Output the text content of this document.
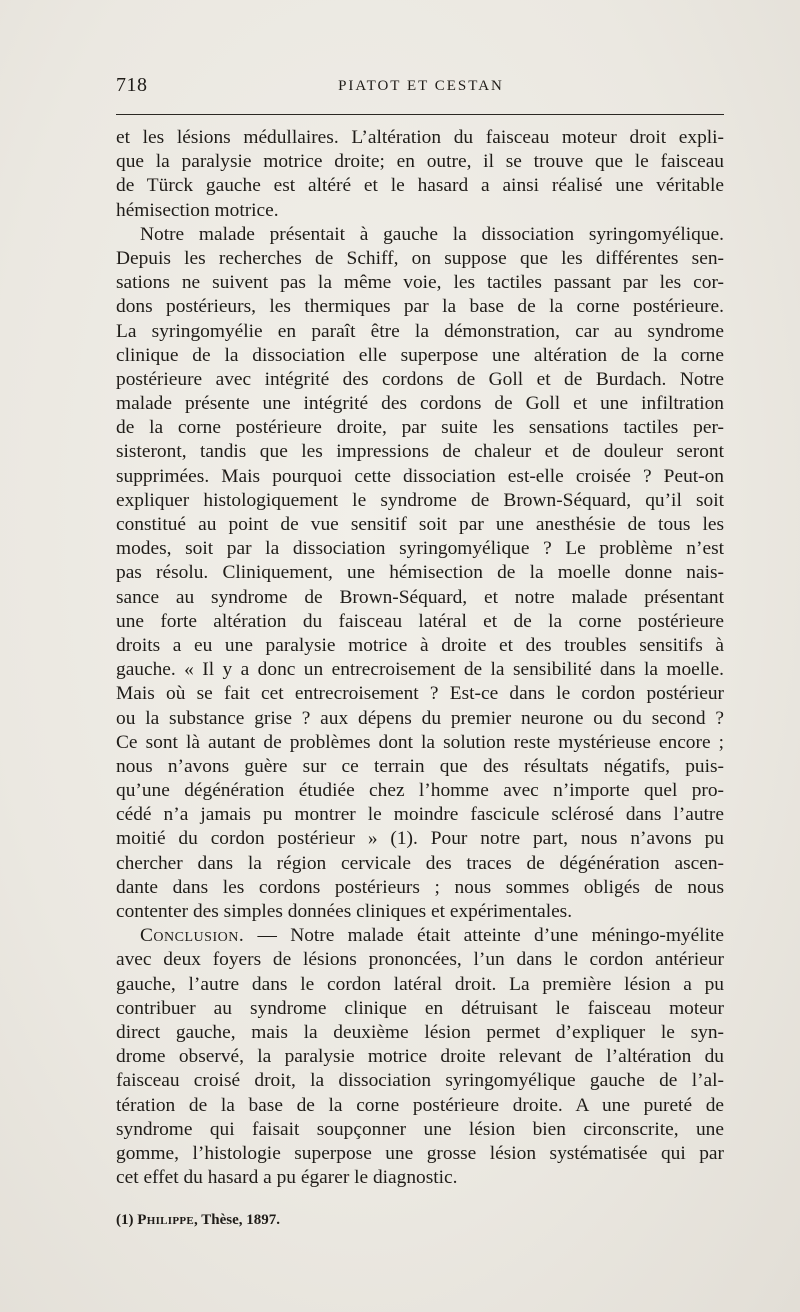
718	PIATOT ET CESTAN
et les lésions médullaires. L’altération du faisceau moteur droit expli-
que la paralysie motrice droite; en outre, il se trouve que le faisceau
de Türck gauche est altéré et le hasard a ainsi réalisé une véritable
hémisection motrice.
Notre malade présentait à gauche la dissociation syringomyélique.
Depuis les recherches de Schiff, on suppose que les différentes sen-
sations ne suivent pas la même voie, les tactiles passant par les cor-
dons postérieurs, les thermiques par la base de la corne postérieure.
La syringomyélie en paraît être la démonstration, car au syndrome
clinique de la dissociation elle superpose une altération de la corne
postérieure avec intégrité des cordons de Goll et de Burdach. Notre
malade présente une intégrité des cordons de Goll et une infiltration
de la corne postérieure droite, par suite les sensations tactiles per-
sisteront, tandis que les impressions de chaleur et de douleur seront
supprimées. Mais pourquoi cette dissociation est-elle croisée ? Peut-on
expliquer histologiquement le syndrome de Brown-Séquard, qu’il soit
constitué au point de vue sensitif soit par une anesthésie de tous les
modes, soit par la dissociation syringomyélique ? Le problème n’est
pas résolu. Cliniquement, une hémisection de la moelle donne nais-
sance au syndrome de Brown-Séquard, et notre malade présentant
une forte altération du faisceau latéral et de la corne postérieure
droits a eu une paralysie motrice à droite et des troubles sensitifs à
gauche. « Il y a donc un entrecroisement de la sensibilité dans la moelle.
Mais où se fait cet entrecroisement ? Est-ce dans le cordon postérieur
ou la substance grise ? aux dépens du premier neurone ou du second ?
Ce sont là autant de problèmes dont la solution reste mystérieuse encore ;
nous n’avons guère sur ce terrain que des résultats négatifs, puis-
qu’une dégénération étudiée chez l’homme avec n’importe quel pro-
cédé n’a jamais pu montrer le moindre fascicule sclérosé dans l’autre
moitié du cordon postérieur » (1). Pour notre part, nous n’avons pu
chercher dans la région cervicale des traces de dégénération ascen-
dante dans les cordons postérieurs ; nous sommes obligés de nous
contenter des simples données cliniques et expérimentales.
Conclusion. — Notre malade était atteinte d’une méningo-myélite
avec deux foyers de lésions prononcées, l’un dans le cordon antérieur
gauche, l’autre dans le cordon latéral droit. La première lésion a pu
contribuer au syndrome clinique en détruisant le faisceau moteur
direct gauche, mais la deuxième lésion permet d’expliquer le syn-
drome observé, la paralysie motrice droite relevant de l’altération du
faisceau croisé droit, la dissociation syringomyélique gauche de l’al-
tération de la base de la corne postérieure droite. A une pureté de
syndrome qui faisait soupçonner une lésion bien circonscrite, une
gomme, l’histologie superpose une grosse lésion systématisée qui par
cet effet du hasard a pu égarer le diagnostic.
(1) Philippe, Thèse, 1897.
